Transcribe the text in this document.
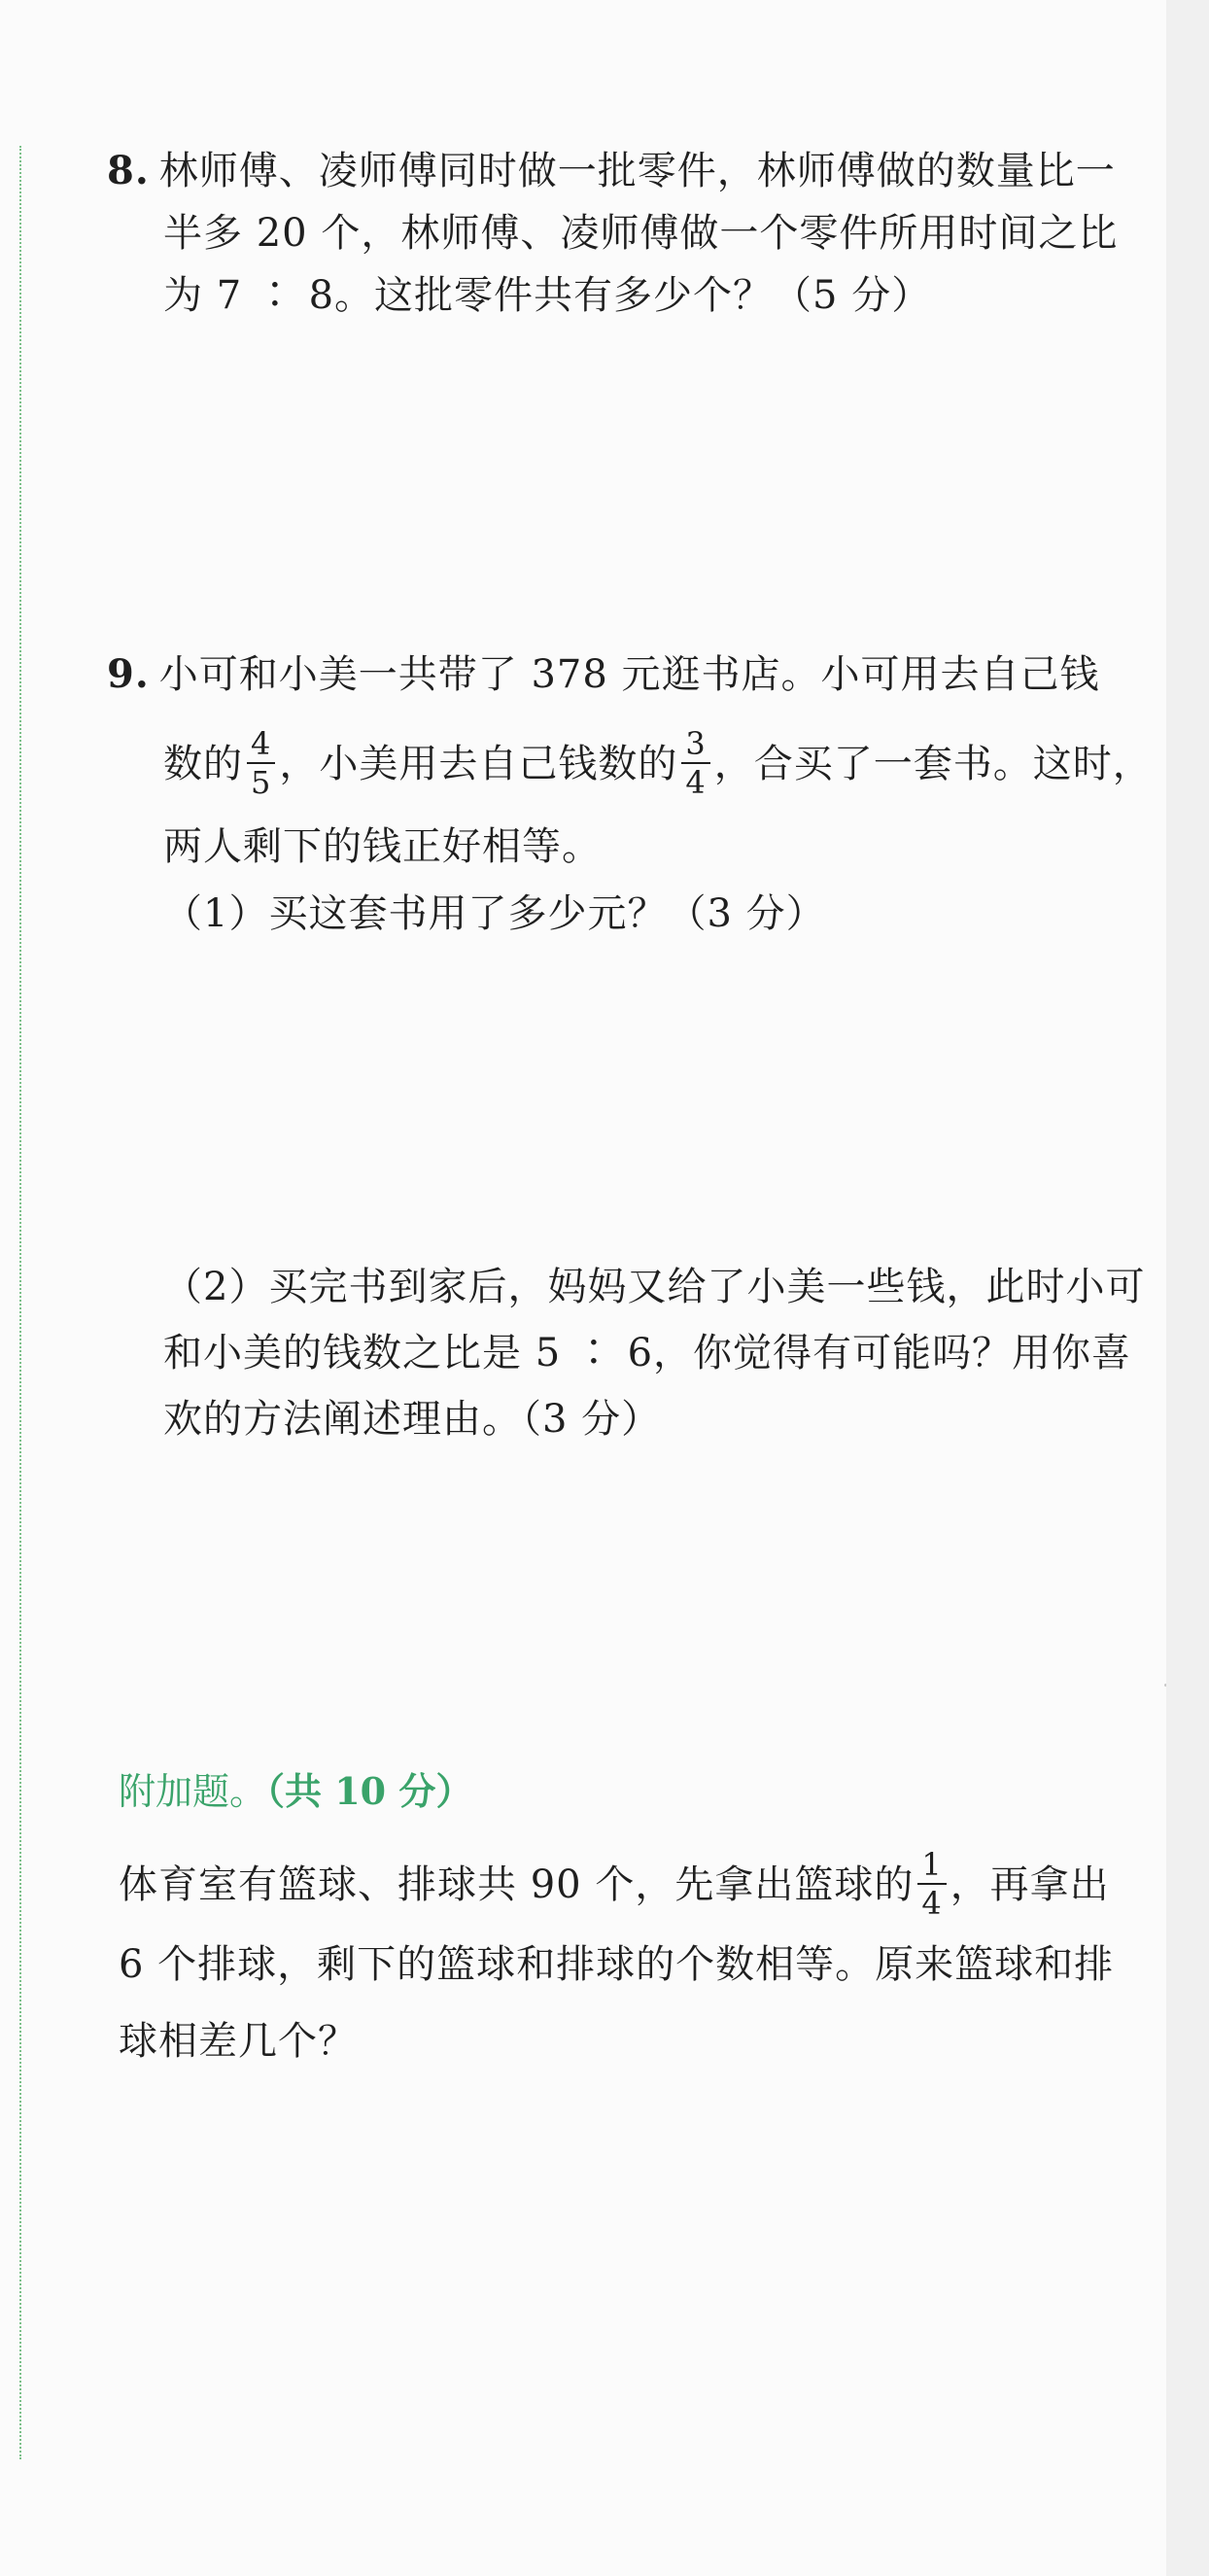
8. 林师傅、凌师傅同时做一批零件，林师傅做的数量比一
半多 20 个，林师傅、凌师傅做一个零件所用时间之比
为 7 ∶ 8。这批零件共有多少个？（5 分）
9. 小可和小美一共带了 378 元逛书店。小可用去自己钱
数的 $\frac{4}{5}$ ，小美用去自己钱数的 $\frac{3}{4}$ ，合买了一套书。这时，
两人剩下的钱正好相等。
（1）买这套书用了多少元？（3 分）
（2）买完书到家后，妈妈又给了小美一些钱，此时小可
和小美的钱数之比是 5 ∶ 6，你觉得有可能吗？用你喜
欢的方法阐述理由。（3 分）
附加题。（共 10 分）
体育室有篮球、排球共 90 个，先拿出篮球的 $\frac{1}{4}$ ，再拿出
6 个排球，剩下的篮球和排球的个数相等。原来篮球和排
球相差几个？
